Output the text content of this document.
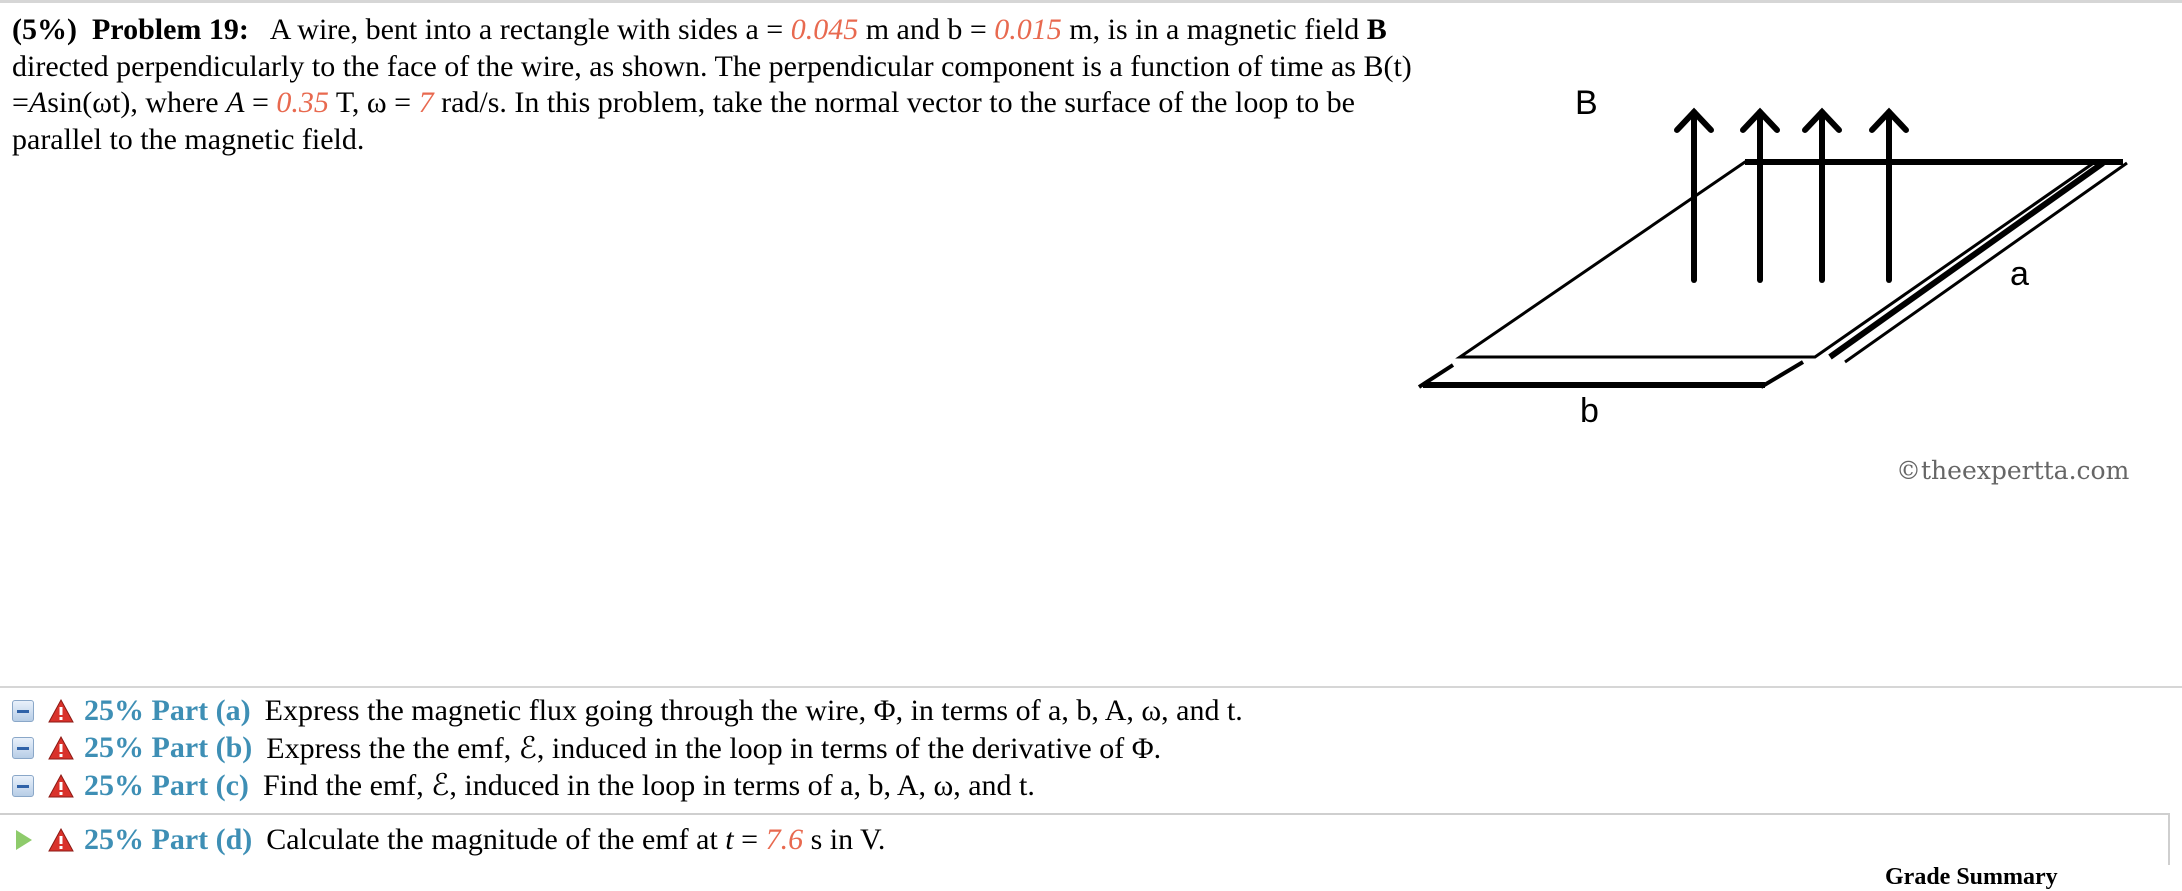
(5%) Problem 19: A wire, bent into a rectangle with sides a = 0.045 m and b = 0.015 m, is in a magnetic field B directed perpendicularly to the face of the wire, as shown. The perpendicular component is a function of time as B(t) =Asin(ωt), where A = 0.35 T, ω = 7 rad/s. In this problem, take the normal vector to the surface of the loop to be parallel to the magnetic field.
B
a
b
©theexpertta.com
25% Part (a) Express the magnetic flux going through the wire, Φ, in terms of a, b, A, ω, and t.
25% Part (b) Express the the emf, ℰ, induced in the loop in terms of the derivative of Φ.
25% Part (c) Find the emf, ℰ, induced in the loop in terms of a, b, A, ω, and t.
25% Part (d) Calculate the magnitude of the emf at t = 7.6 s in V.
Grade Summary
